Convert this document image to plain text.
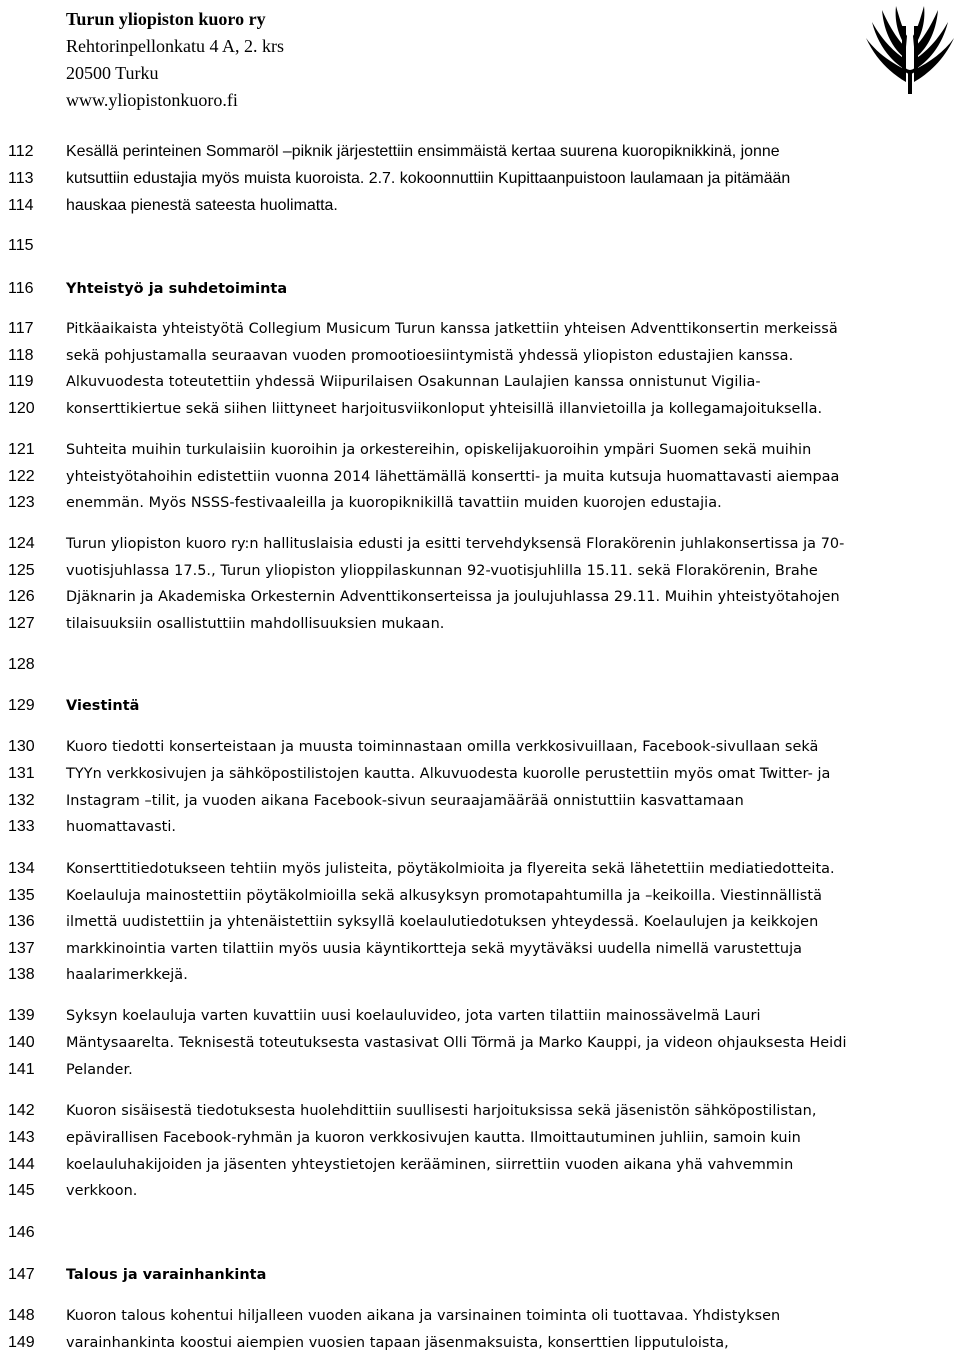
Turun yliopiston kuoro ry
Rehtorinpellonkatu 4 A, 2. krs
20500 Turku
www.yliopistonkuoro.fi
112 Kesällä perinteinen Sommaröl –piknik järjestettiin ensimmäistä kertaa suurena kuoropiknikkinä, jonne
113 kutsuttiin edustajia myös muista kuoroista. 2.7. kokoonnuttiin Kupittaanpuistoon laulamaan ja pitämään
114 hauskaa pienestä sateesta huolimatta.
115
116	Yhteistyö ja suhdetoiminta
117	Pitkäaikaista yhteistyötä Collegium Musicum Turun kanssa jatkettiin yhteisen Adventtikonsertin merkeissä
118	sekä pohjustamalla seuraavan vuoden promootioesiintymistä yhdessä yliopiston edustajien kanssa.
119	Alkuvuodesta toteutettiin yhdessä Wiipurilaisen Osakunnan Laulajien kanssa onnistunut Vigilia-
120 konserttikiertue sekä siihen liittyneet harjoitusviikonloput yhteisillä illanvietoilla ja kollegamajoituksella.
121 Suhteita muihin turkulaisiin kuoroihin ja orkestereihin, opiskelijakuoroihin ympäri Suomen sekä muihin
122 yhteistyötahoihin edistettiin vuonna 2014 lähettämällä konsertti- ja muita kutsuja huomattavasti aiempaa
123 enemmän. Myös NSSS-festivaaleilla ja kuoropiknikillä tavattiin muiden kuorojen edustajia.
124 Turun yliopiston kuoro ry:n hallituslaisia edusti ja esitti tervehdyksensä Florakörenin juhlakonsertissa ja 70-
125 vuotisjuhlassa 17.5., Turun yliopiston ylioppilaskunnan 92-vuotisjuhlilla 15.11. sekä Florakörenin, Brahe
126 Djäknarin ja Akademiska Orkesternin Adventtikonserteissa ja joulujuhlassa 29.11. Muihin yhteistyötahojen
127 tilaisuuksiin osallistuttiin mahdollisuuksien mukaan.
128
129 Viestintä
130 Kuoro tiedotti konserteistaan ja muusta toiminnastaan omilla verkkosivuillaan, Facebook-sivullaan sekä
131 TYYn verkkosivujen ja sähköpostilistojen kautta. Alkuvuodesta kuorolle perustettiin myös omat Twitter- ja
132 Instagram –tilit, ja vuoden aikana Facebook-sivun seuraajamäärää onnistuttiin kasvattamaan
133 huomattavasti.
134 Konserttitiedotukseen tehtiin myös julisteita, pöytäkolmioita ja flyereita sekä lähetettiin mediatiedotteita.
135 Koelauluja mainostettiin pöytäkolmioilla sekä alkusyksyn promotapahtumilla ja –keikoilla. Viestinnällistä
136 ilmettä uudistettiin ja yhtenäistettiin syksyllä koelaulutiedotuksen yhteydessä. Koelaulujen ja keikkojen
137 markkinointia varten tilattiin myös uusia käyntikortteja sekä myytäväksi uudella nimellä varustettuja
138 haalarimerkkejä.
139 Syksyn koelauluja varten kuvattiin uusi koelauluvideo, jota varten tilattiin mainossävelmä Lauri
140 Mäntysaarelta. Teknisestä toteutuksesta vastasivat Olli Törmä ja Marko Kauppi, ja videon ohjauksesta Heidi
141 Pelander.
142 Kuoron sisäisestä tiedotuksesta huolehdittiin suullisesti harjoituksissa sekä jäsenistön sähköpostilistan,
143 epävirallisen Facebook-ryhmän ja kuoron verkkosivujen kautta. Ilmoittautuminen juhliin, samoin kuin
144 koelauluhakijoiden ja jäsenten yhteystietojen kerääminen, siirrettiin vuoden aikana yhä vahvemmin
145 verkkoon.
146
147 Talous ja varainhankinta
148 Kuoron talous kohentui hiljalleen vuoden aikana ja varsinainen toiminta oli tuottavaa. Yhdistyksen
149 varainhankinta koostui aiempien vuosien tapaan jäsenmaksuista, konserttien lipputuloista,
